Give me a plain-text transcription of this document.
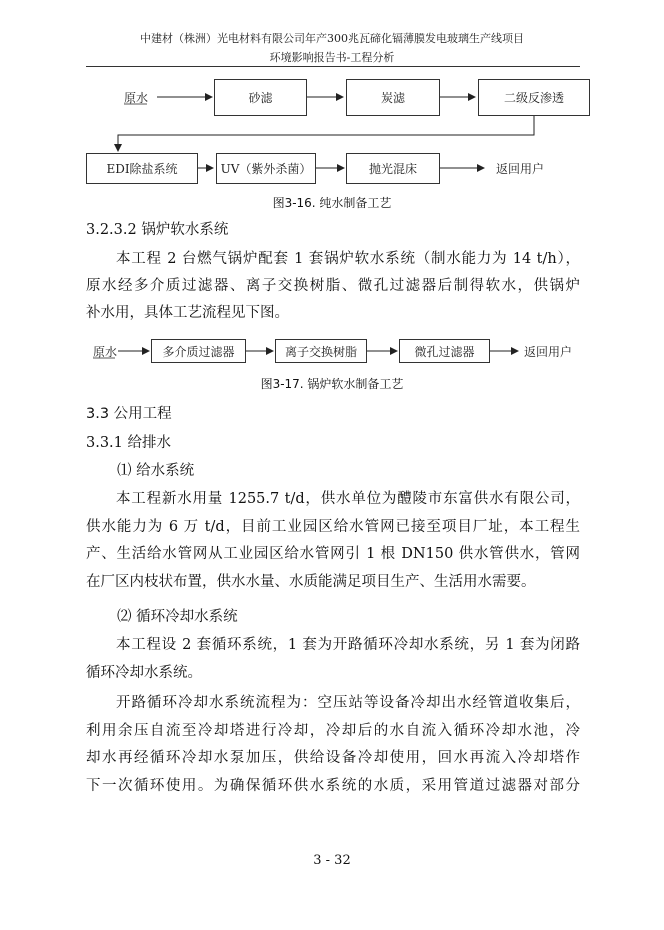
中建材（株洲）光电材料有限公司年产300兆瓦碲化镉薄膜发电玻璃生产线项目
环境影响报告书-工程分析
原水	砂滤	炭滤	二级反渗透
EDI除盐系统	UV（紫外杀菌）	抛光混床	返回用户
图3-16. 纯水制备工艺
3.2.3.2 锅炉软水系统
本工程 2 台燃气锅炉配套 1 套锅炉软水系统（制水能力为 14 t/h），
原水经多介质过滤器、离子交换树脂、微孔过滤器后制得软水，供锅炉
补水用，具体工艺流程见下图。
原水	多介质过滤器	离子交换树脂	微孔过滤器	返回用户
图3-17. 锅炉软水制备工艺
3.3 公用工程
3.3.1 给排水
⑴ 给水系统
本工程新水用量 1255.7 t/d，供水单位为醴陵市东富供水有限公司，
供水能力为 6 万 t/d，目前工业园区给水管网已接至项目厂址，本工程生
产、生活给水管网从工业园区给水管网引 1 根 DN150 供水管供水，管网
在厂区内枝状布置，供水水量、水质能满足项目生产、生活用水需要。
⑵ 循环冷却水系统
本工程设 2 套循环系统，1 套为开路循环冷却水系统，另 1 套为闭路
循环冷却水系统。
开路循环冷却水系统流程为：空压站等设备冷却出水经管道收集后，
利用余压自流至冷却塔进行冷却，冷却后的水自流入循环冷却水池，冷
却水再经循环冷却水泵加压，供给设备冷却使用，回水再流入冷却塔作
下一次循环使用。为确保循环供水系统的水质，采用管道过滤器对部分
3 - 32
